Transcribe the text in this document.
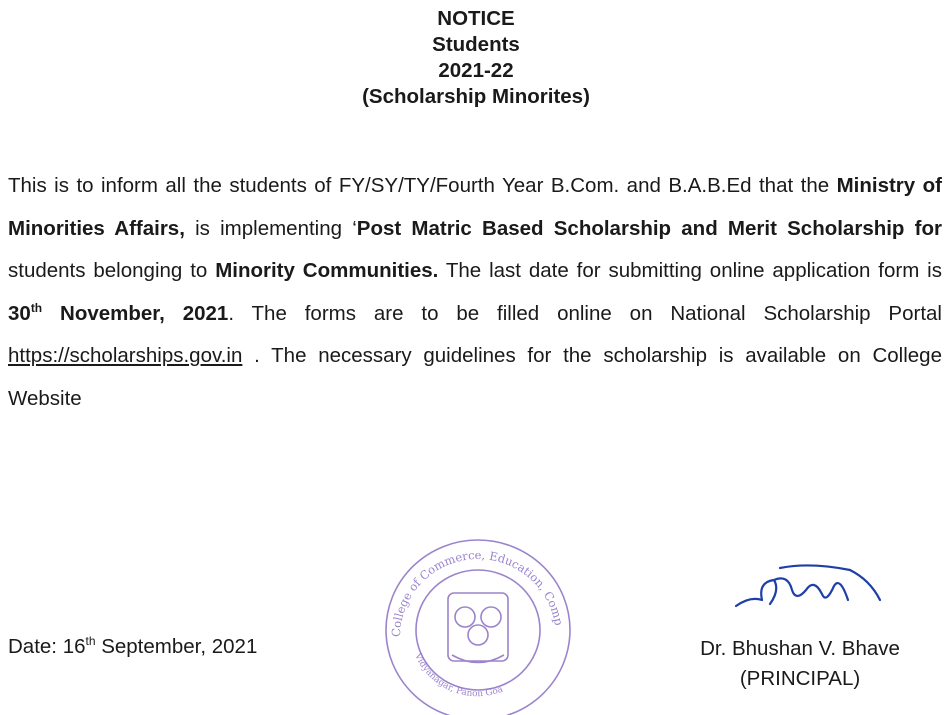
NOTICE
Students
2021-22
(Scholarship Minorites)
This is to inform all the students of FY/SY/TY/Fourth Year B.Com. and B.A.B.Ed that the Ministry of Minorities Affairs, is implementing ‘Post Matric Based Scholarship and Merit Scholarship for students belonging to Minority Communities. The last date for submitting online application form is 30th November, 2021. The forms are to be filled online on National Scholarship Portal https://scholarships.gov.in . The necessary guidelines for the scholarship is available on College Website
Date: 16th September, 2021
College of Commerce, Education, Comp
Vidyanagar, Panon Goa
Bhave
Dr. Bhushan V. Bhave
(PRINCIPAL)
